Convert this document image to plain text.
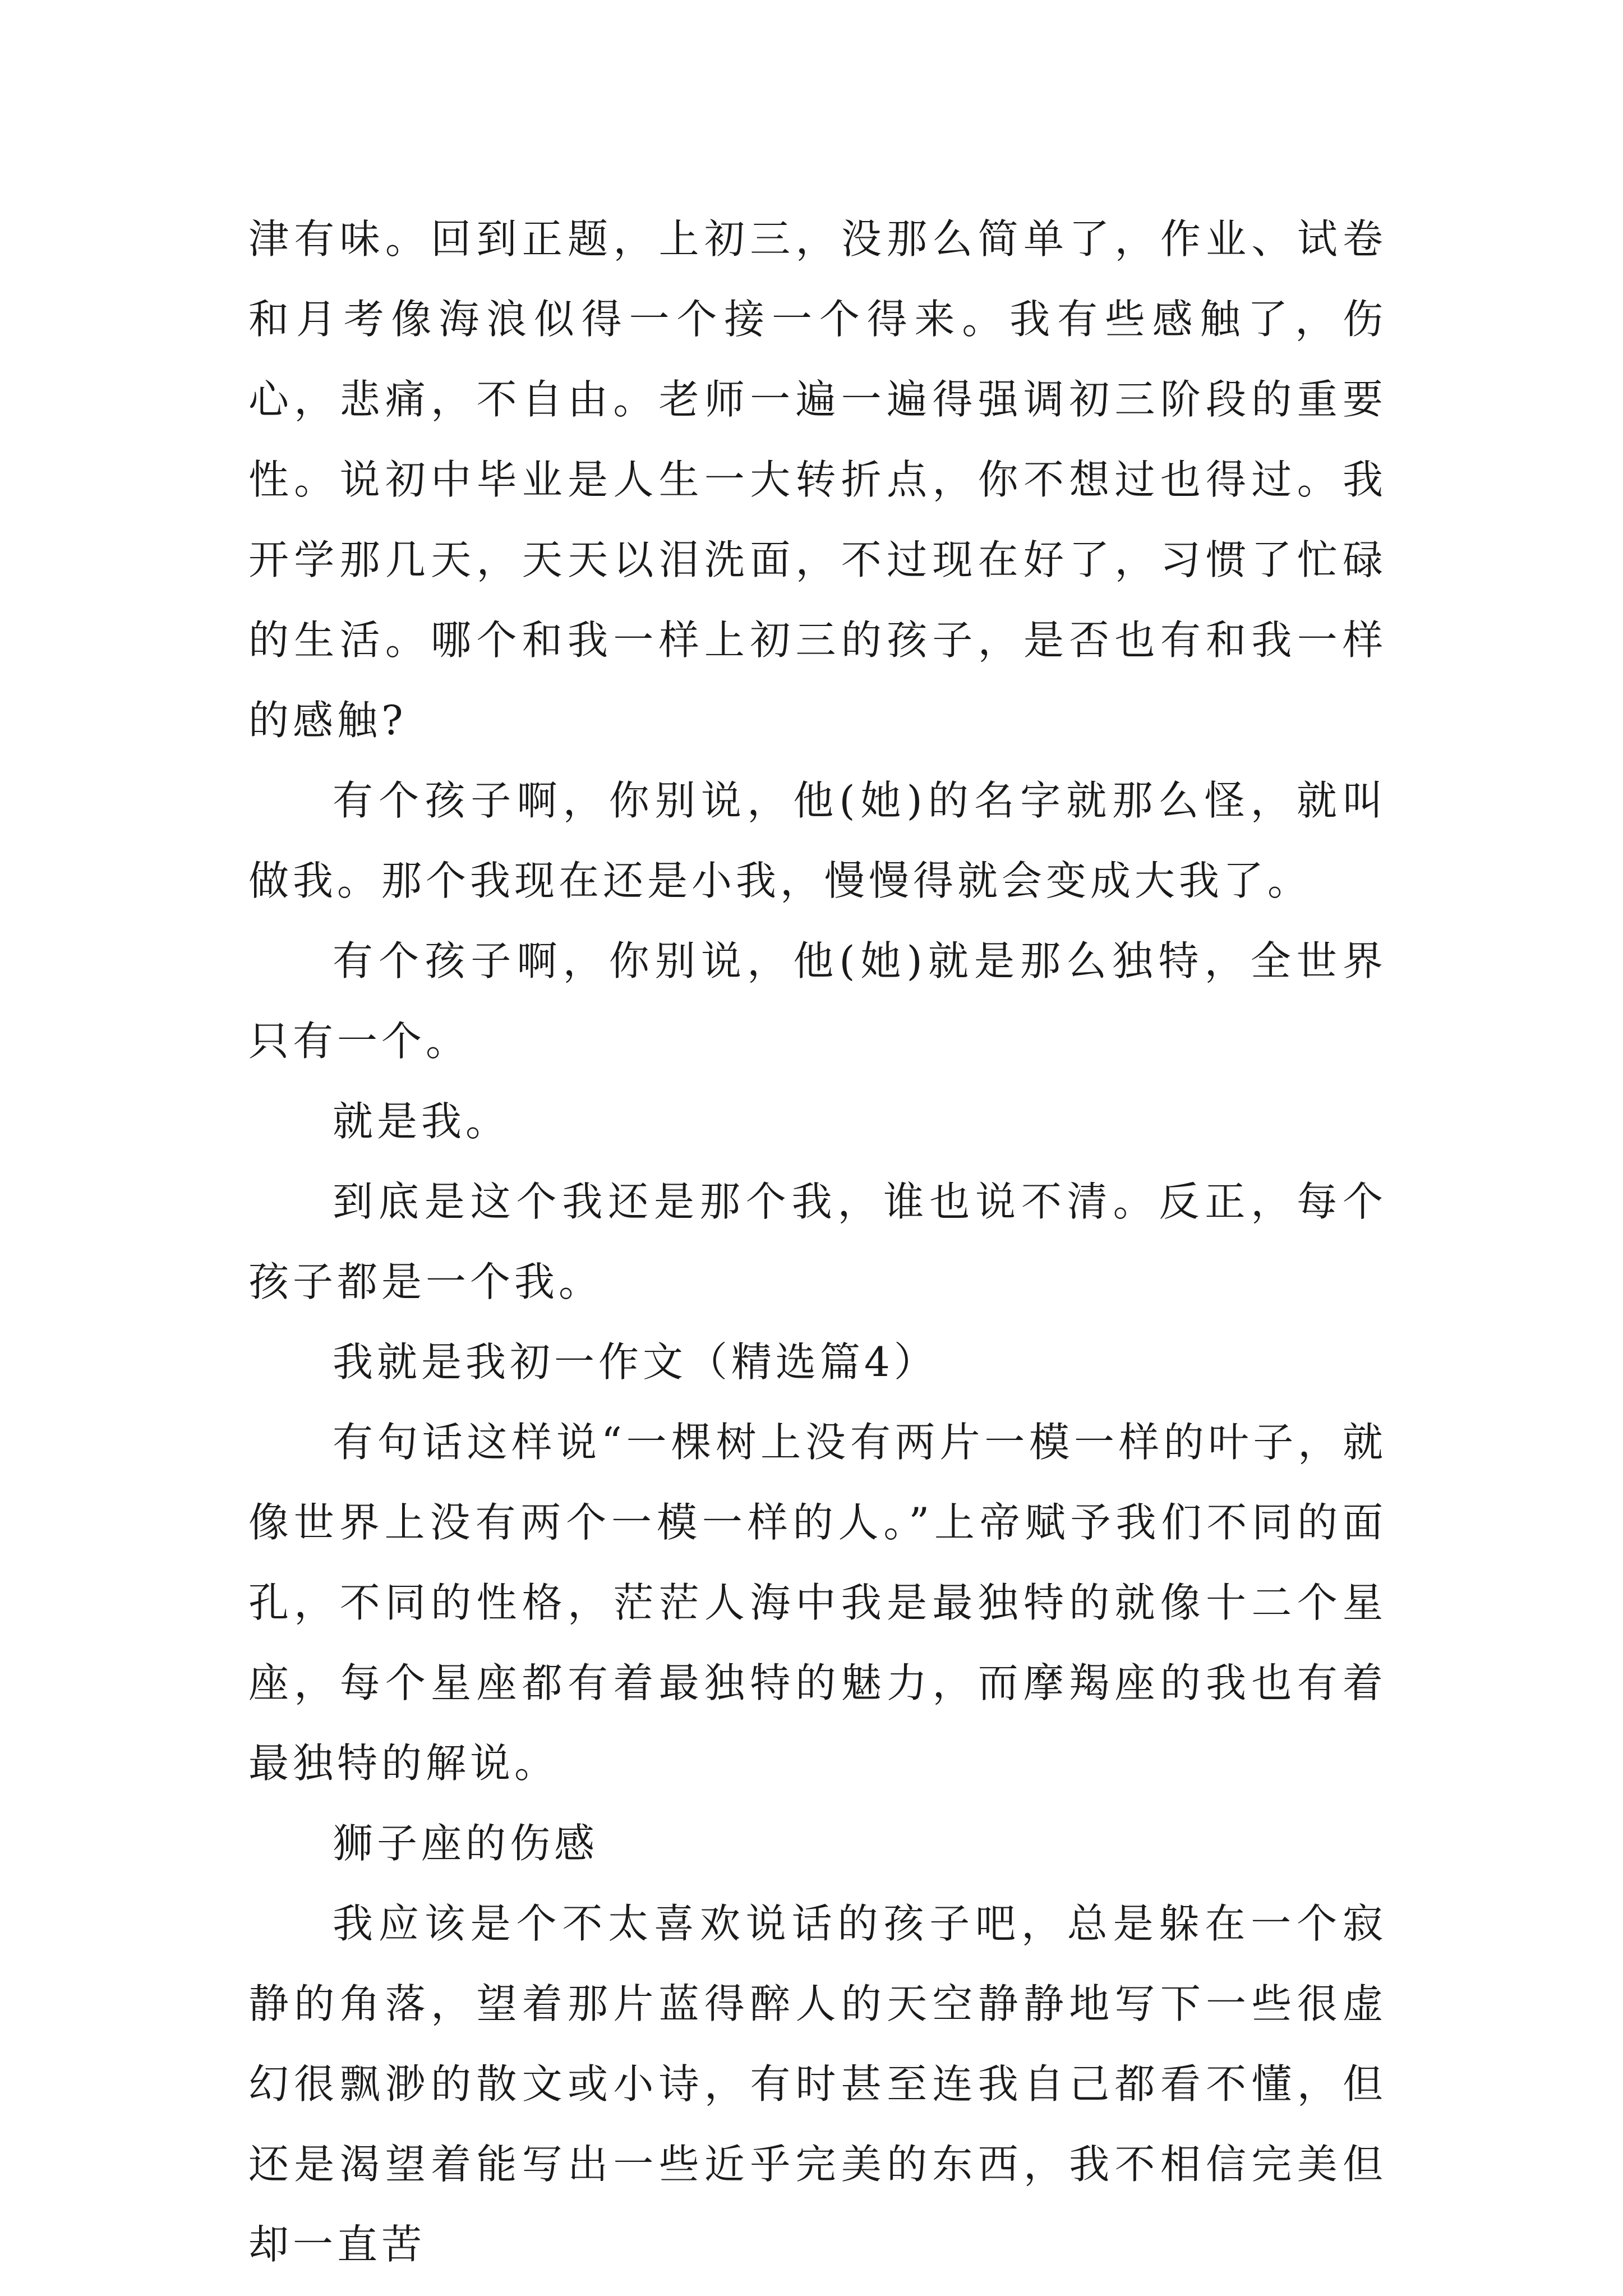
津有味。回到正题，上初三，没那么简单了，作业、试卷和月考像海浪似得一个接一个得来。我有些感触了，伤心，悲痛，不自由。老师一遍一遍得强调初三阶段的重要性。说初中毕业是人生一大转折点，你不想过也得过。我开学那几天，天天以泪洗面，不过现在好了，习惯了忙碌的生活。哪个和我一样上初三的孩子，是否也有和我一样的感触?

有个孩子啊，你别说，他(她)的名字就那么怪，就叫做我。那个我现在还是小我，慢慢得就会变成大我了。

有个孩子啊，你别说，他(她)就是那么独特，全世界只有一个。

就是我。

到底是这个我还是那个我，谁也说不清。反正，每个孩子都是一个我。

我就是我初一作文（精选篇4）

有句话这样说“一棵树上没有两片一模一样的叶子，就像世界上没有两个一模一样的人。”上帝赋予我们不同的面孔，不同的性格，茫茫人海中我是最独特的就像十二个星座，每个星座都有着最独特的魅力，而摩羯座的我也有着最独特的解说。

狮子座的伤感

我应该是个不太喜欢说话的孩子吧，总是躲在一个寂静的角落，望着那片蓝得醉人的天空静静地写下一些很虚幻很飘渺的散文或小诗，有时甚至连我自己都看不懂，但还是渴望着能写出一些近乎完美的东西，我不相信完美但却一直苦
